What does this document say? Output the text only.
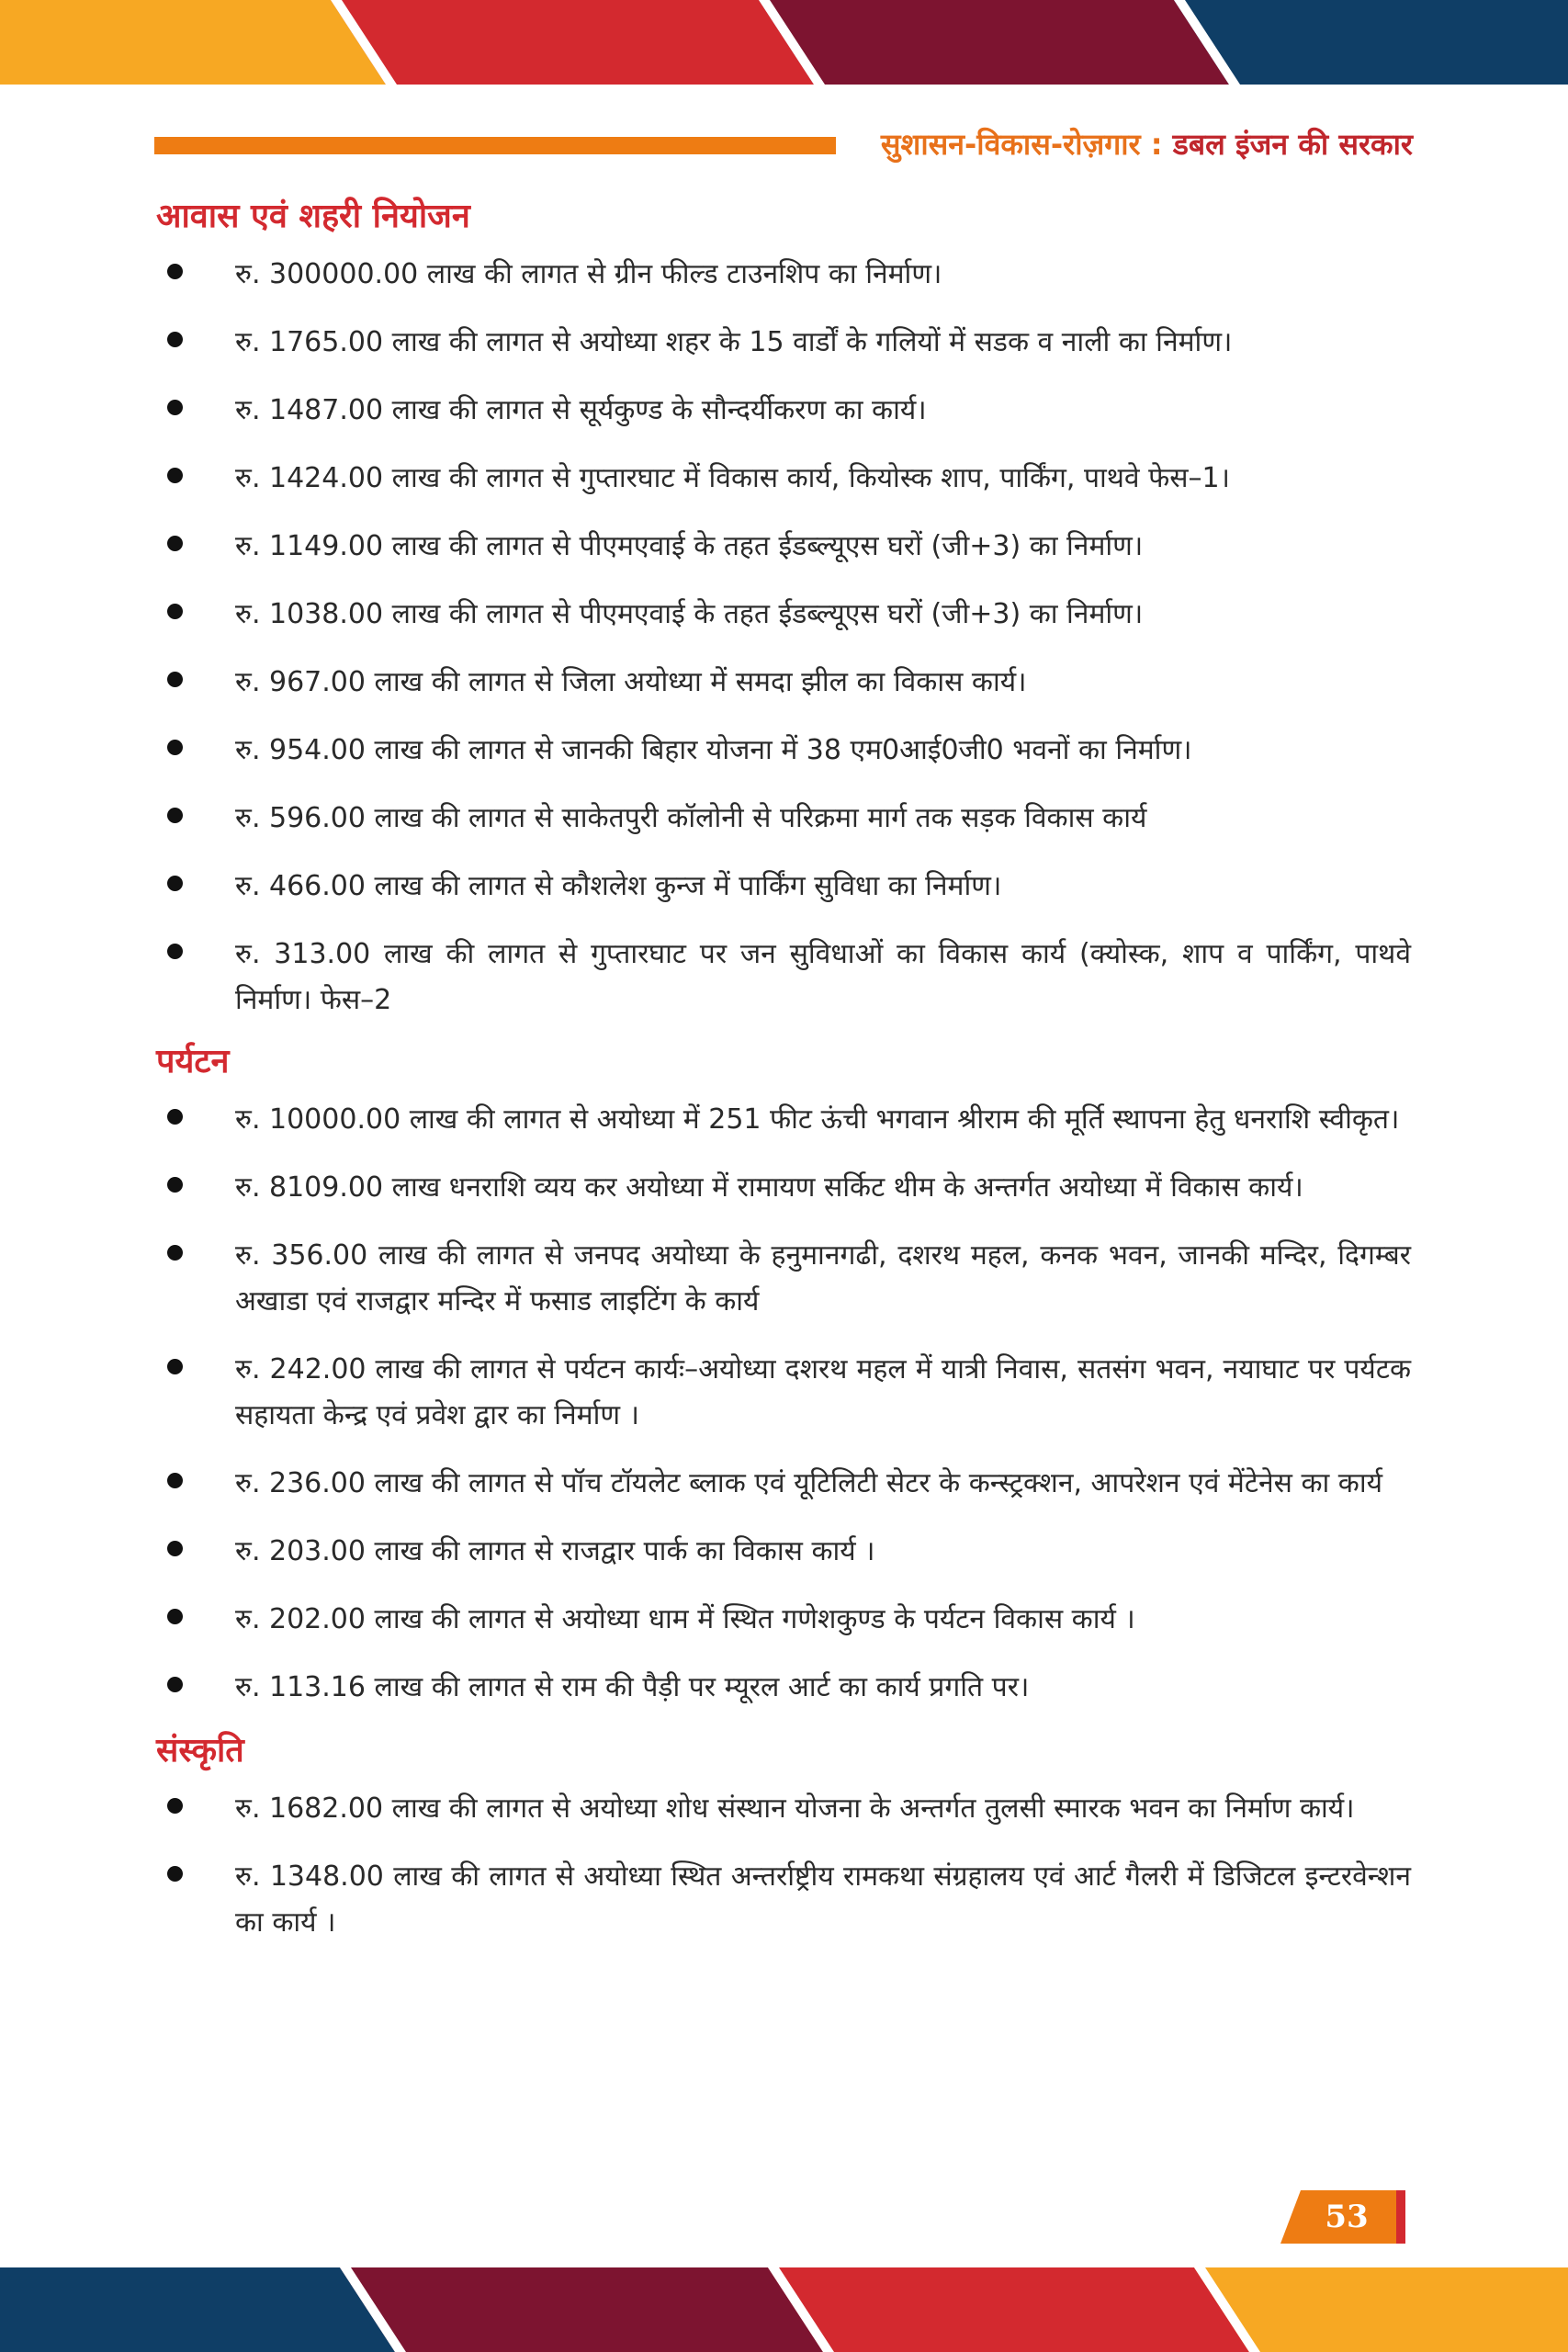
सुशासन-विकास-रोज़गार : डबल इंजन की सरकार
आवास एवं शहरी नियोजन
रु. 300000.00 लाख की लागत से ग्रीन फील्ड टाउनशिप का निर्माण।
रु. 1765.00 लाख की लागत से अयोध्या शहर के 15 वार्डों के गलियों में सडक व नाली का निर्माण।
रु. 1487.00 लाख की लागत से सूर्यकुण्ड के सौन्दर्यीकरण का कार्य।
रु. 1424.00 लाख की लागत से गुप्तारघाट में विकास कार्य, कियोस्क शाप, पार्किंग, पाथवे फेस–1।
रु. 1149.00 लाख की लागत से पीएमएवाई के तहत ईडब्ल्यूएस घरों (जी+3) का निर्माण।
रु. 1038.00 लाख की लागत से पीएमएवाई के तहत ईडब्ल्यूएस घरों (जी+3) का निर्माण।
रु. 967.00 लाख की लागत से जिला अयोध्या में समदा झील का विकास कार्य।
रु. 954.00 लाख की लागत से जानकी बिहार योजना में 38 एम0आई0जी0 भवनों का निर्माण।
रु. 596.00 लाख की लागत से साकेतपुरी कॉलोनी से परिक्रमा मार्ग तक सड़क विकास कार्य
रु. 466.00 लाख की लागत से कौशलेश कुन्ज में पार्किंग सुविधा का निर्माण।
रु. 313.00 लाख की लागत से गुप्तारघाट पर जन सुविधाओं का विकास कार्य (क्योस्क, शाप व पार्किंग, पाथवे निर्माण। फेस–2
पर्यटन
रु. 10000.00 लाख की लागत से अयोध्या में 251 फीट ऊंची भगवान श्रीराम की मूर्ति स्थापना हेतु धनराशि स्वीकृत।
रु. 8109.00 लाख धनराशि व्यय कर अयोध्या में रामायण सर्किट थीम के अन्तर्गत अयोध्या में विकास कार्य।
रु. 356.00 लाख की लागत से जनपद अयोध्या के हनुमानगढी, दशरथ महल, कनक भवन, जानकी मन्दिर, दिगम्बर अखाडा एवं राजद्वार मन्दिर में फसाड लाइटिंग के कार्य
रु. 242.00 लाख की लागत से पर्यटन कार्यः–अयोध्या दशरथ महल में यात्री निवास, सतसंग भवन, नयाघाट पर पर्यटक सहायता केन्द्र एवं प्रवेश द्वार का निर्माण ।
रु. 236.00 लाख की लागत से पॉच टॉयलेट ब्लाक एवं यूटिलिटी सेटर के कन्स्ट्रक्शन, आपरेशन एवं मेंटेनेस का कार्य
रु. 203.00 लाख की लागत से राजद्वार पार्क का विकास कार्य ।
रु. 202.00 लाख की लागत से अयोध्या धाम में स्थित गणेशकुण्ड के पर्यटन विकास कार्य ।
रु. 113.16 लाख की लागत से राम की पैड़ी पर म्यूरल आर्ट का कार्य प्रगति पर।
संस्कृति
रु. 1682.00 लाख की लागत से अयोध्या शोध संस्थान योजना के अन्तर्गत तुलसी स्मारक भवन का निर्माण कार्य।
रु. 1348.00 लाख की लागत से अयोध्या स्थित अन्तर्राष्ट्रीय रामकथा संग्रहालय एवं आर्ट गैलरी में डिजिटल इन्टरवेन्शन का कार्य ।
53
